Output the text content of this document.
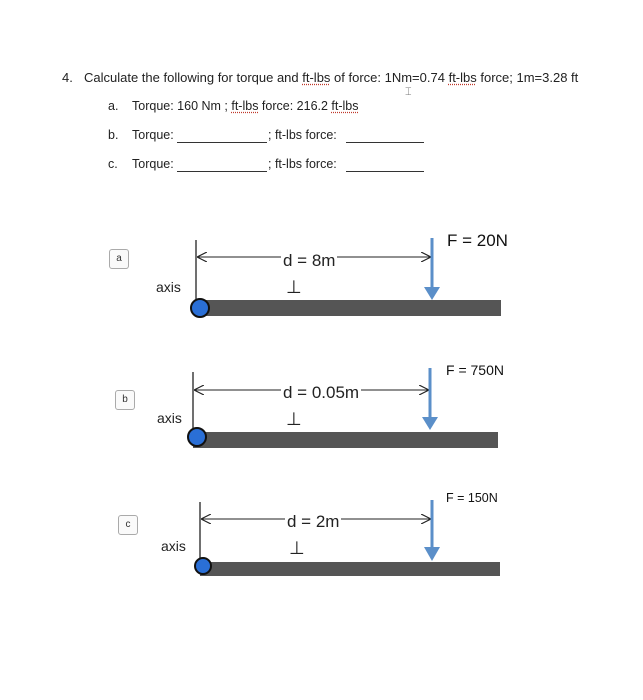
4. Calculate the following for torque and ft-lbs of force: 1Nm=0.74 ft-lbs force; 1m=3.28 ft
⌶
a. Torque: 160 Nm ; ft-lbs force: 216.2 ft-lbs
b. Torque:	; ft-lbs force:
c. Torque:	; ft-lbs force:
a
axis
d = 8m
⊥
F = 20N
b
axis
d = 0.05m
⊥
F = 750N
c
axis
d = 2m
⊥
F = 150N
